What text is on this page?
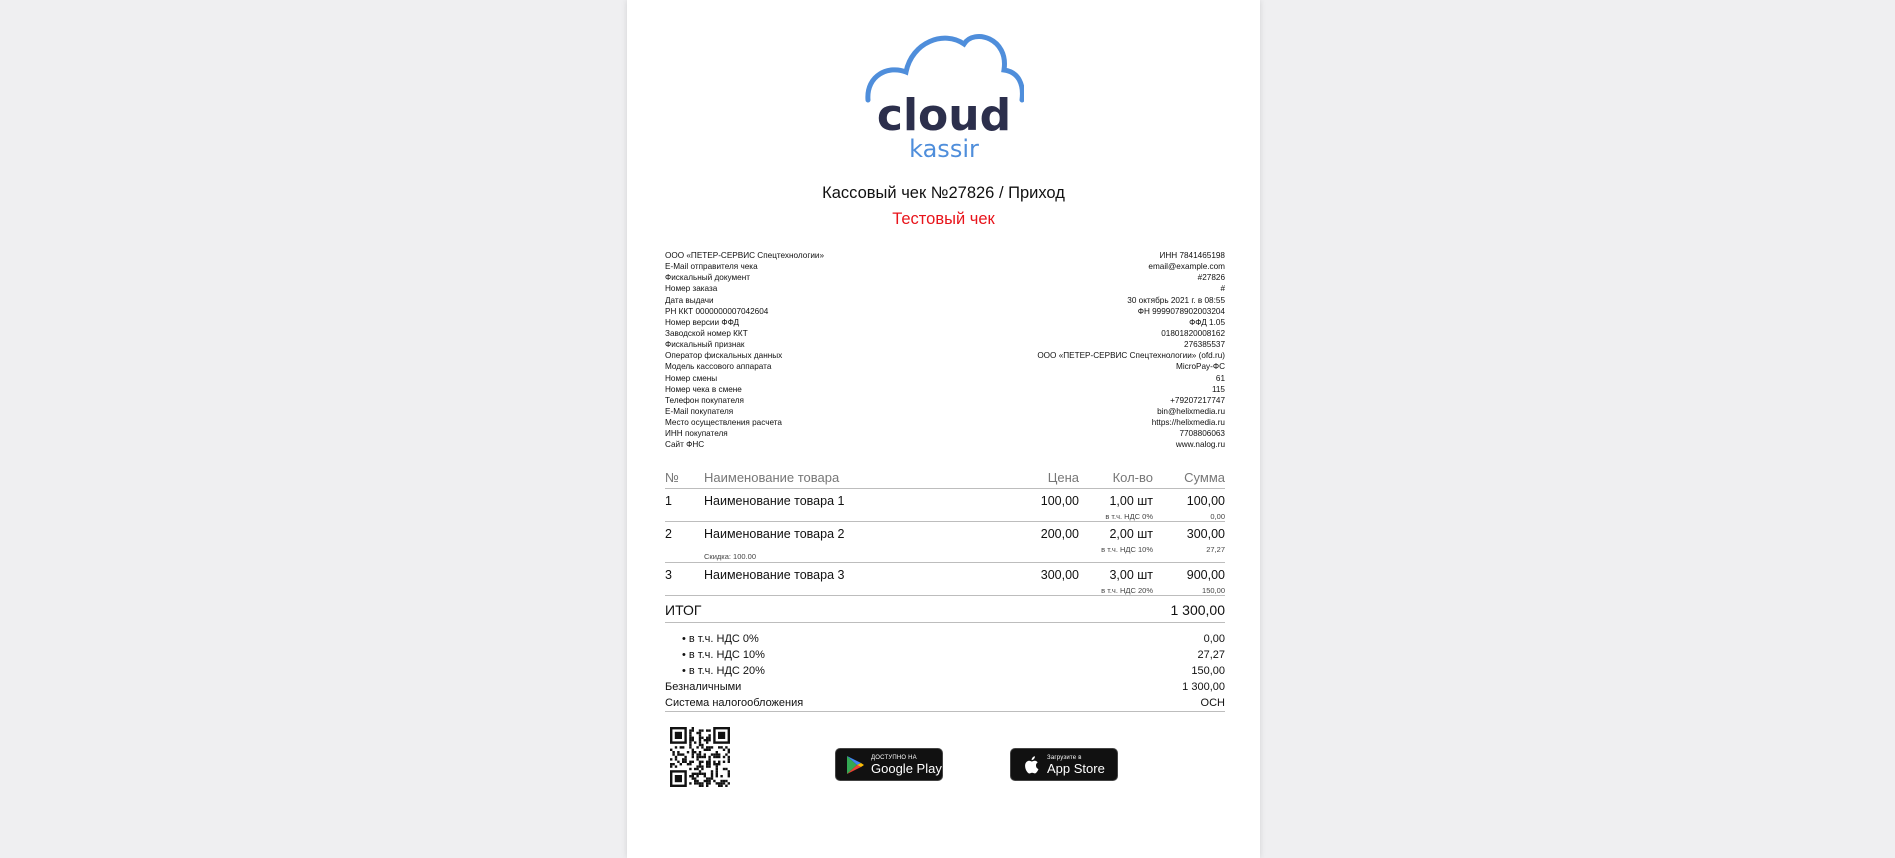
cloud
kassir
Кассовый чек №27826 / Приход
Тестовый чек
ООО «ПЕТЕР-СЕРВИС Спецтехнологии»	ИНН 7841465198
E-Mail отправителя чека	email@example.com
Фискальный документ	#27826
Номер заказа	#
Дата выдачи	30 октябрь 2021 г. в 08:55
РН ККТ 0000000007042604	ФН 9999078902003204
Номер версии ФФД	ФФД 1.05
Заводской номер ККТ	01801820008162
Фискальный признак	276385537
Оператор фискальных данных	ООО «ПЕТЕР-СЕРВИС Спецтехнологии» (ofd.ru)
Модель кассового аппарата	MicroPay-ФС
Номер смены	61
Номер чека в смене	115
Телефон покупателя	+79207217747
E-Mail покупателя	bin@helixmedia.ru
Место осуществления расчета	https://helixmedia.ru
ИНН покупателя	7708806063
Сайт ФНС	www.nalog.ru
№	Наименование товара	Цена	Кол-во	Сумма
1	Наименование товара 1	100,00	1,00 шт	100,00
в т.ч. НДС 0%	0,00
2	Наименование товара 2	200,00	2,00 шт	300,00
в т.ч. НДС 10%	27,27
Скидка: 100.00
3	Наименование товара 3	300,00	3,00 шт	900,00
в т.ч. НДС 20%	150,00
ИТОГ	1 300,00
• в т.ч. НДС 0%	0,00
• в т.ч. НДС 10%	27,27
• в т.ч. НДС 20%	150,00
Безналичными	1 300,00
Система налогообложения	ОСН
ДОСТУПНО НА
Google Play
Загрузите в
App Store
